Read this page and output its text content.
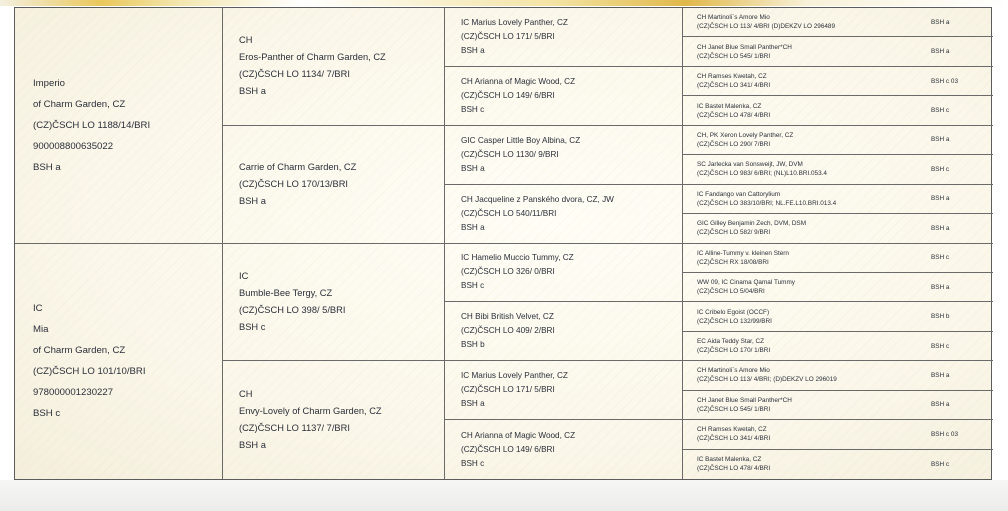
Imperio
of Charm Garden, CZ
(CZ)ČSCH LO 1188/14/BRI
900008800635022
BSH a
IC
Mia
of Charm Garden, CZ
(CZ)ČSCH LO 101/10/BRI
978000001230227
BSH c
CH
Eros-Panther of Charm Garden, CZ
(CZ)ČSCH LO 1134/ 7/BRI
BSH a
Carrie of Charm Garden, CZ
(CZ)ČSCH LO 170/13/BRI
BSH a
IC
Bumble-Bee Tergy, CZ
(CZ)ČSCH LO 398/ 5/BRI
BSH c
CH
Envy-Lovely of Charm Garden, CZ
(CZ)ČSCH LO 1137/ 7/BRI
BSH a
IC Marius Lovely Panther, CZ
(CZ)ČSCH LO 171/ 5/BRI
BSH a
CH Arianna of Magic Wood, CZ
(CZ)ČSCH LO 149/ 6/BRI
BSH c
GIC Casper Little Boy Albina, CZ
(CZ)ČSCH LO 1130/ 9/BRI
BSH a
CH Jacqueline z Panského dvora, CZ, JW
(CZ)ČSCH LO 540/11/BRI
BSH a
IC Hamelio Muccio Tummy, CZ
(CZ)ČSCH LO 326/ 0/BRI
BSH c
CH Bibi British Velvet, CZ
(CZ)ČSCH LO 409/ 2/BRI
BSH b
IC Marius Lovely Panther, CZ
(CZ)ČSCH LO 171/ 5/BRI
BSH a
CH Arianna of Magic Wood, CZ
(CZ)ČSCH LO 149/ 6/BRI
BSH c
CH Martinoli`s Amore Mio
(CZ)ČSCH LO 113/ 4/BRI (D)DEKZV LO 296489
BSH a
CH Janet Blue Small Panther*CH
(CZ)ČSCH LO 545/ 1/BRI
BSH a
CH Ramses Kwetah, CZ
(CZ)ČSCH LO 341/ 4/BRI
BSH c 03
IC Bastet Malenka, CZ
(CZ)ČSCH LO 478/ 4/BRI
BSH c
CH, PK Xeron Lovely Panther, CZ
(CZ)ČSCH LO 290/ 7/BRI
BSH a
SC Jarlecka van Sonsweijt, JW, DVM
(CZ)ČSCH LO 983/ 6/BRI; (NL)L10.BRI.053.4
BSH c
IC Fandango van Cattorylium
(CZ)ČSCH LO 383/10/BRI; NL.FE.L10.BRI.013.4
BSH a
GIC Gilley Benjamin Zech, DVM, DSM
(CZ)ČSCH LO 582/ 9/BRI
BSH a
IC Alline-Tummy v. kleinen Stern
(CZ)ČSCH RX 18/08/BRI
BSH c
WW 09, IC Cinama Qamal Tummy
(CZ)ČSCH LO 5/04/BRI
BSH a
IC Cribelo Egoist (OCCF)
(CZ)ČSCH LO 132/99/BRI
BSH b
EC Aida Teddy Star, CZ
(CZ)ČSCH LO 170/ 1/BRI
BSH c
CH Martinoli`s Amore Mio
(CZ)ČSCH LO 113/ 4/BRI; (D)DEKZV LO 296019
BSH a
CH Janet Blue Small Panther*CH
(CZ)ČSCH LO 545/ 1/BRI
BSH a
CH Ramses Kwetah, CZ
(CZ)ČSCH LO 341/ 4/BRI
BSH c 03
IC Bastet Malenka, CZ
(CZ)ČSCH LO 478/ 4/BRI
BSH c
